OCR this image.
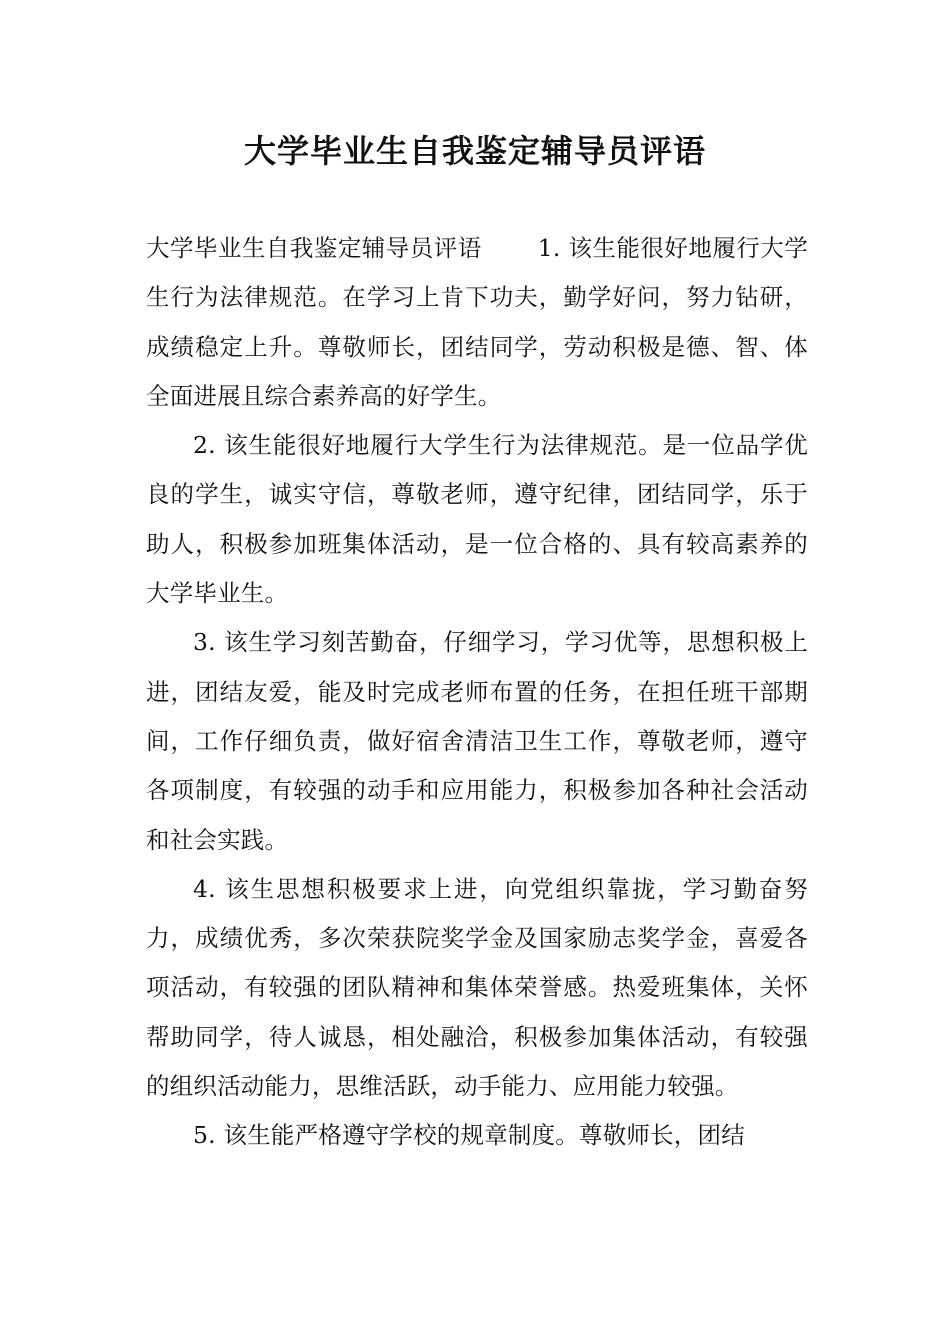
大学毕业生自我鉴定辅导员评语

大学毕业生自我鉴定辅导员评语 1. 该生能很好地履行大学生行为法律规范。在学习上肯下功夫，勤学好问，努力钻研，成绩稳定上升。尊敬师长，团结同学，劳动积极是德、智、体全面进展且综合素养高的好学生。

2. 该生能很好地履行大学生行为法律规范。是一位品学优良的学生，诚实守信，尊敬老师，遵守纪律，团结同学，乐于助人，积极参加班集体活动，是一位合格的、具有较高素养的大学毕业生。

3. 该生学习刻苦勤奋，仔细学习，学习优等，思想积极上进，团结友爱，能及时完成老师布置的任务，在担任班干部期间，工作仔细负责，做好宿舍清洁卫生工作，尊敬老师，遵守各项制度，有较强的动手和应用能力，积极参加各种社会活动和社会实践。

4. 该生思想积极要求上进，向党组织靠拢，学习勤奋努力，成绩优秀，多次荣获院奖学金及国家励志奖学金，喜爱各项活动，有较强的团队精神和集体荣誉感。热爱班集体，关怀帮助同学，待人诚恳，相处融洽，积极参加集体活动，有较强的组织活动能力，思维活跃，动手能力、应用能力较强。

5. 该生能严格遵守学校的规章制度。尊敬师长，团结
